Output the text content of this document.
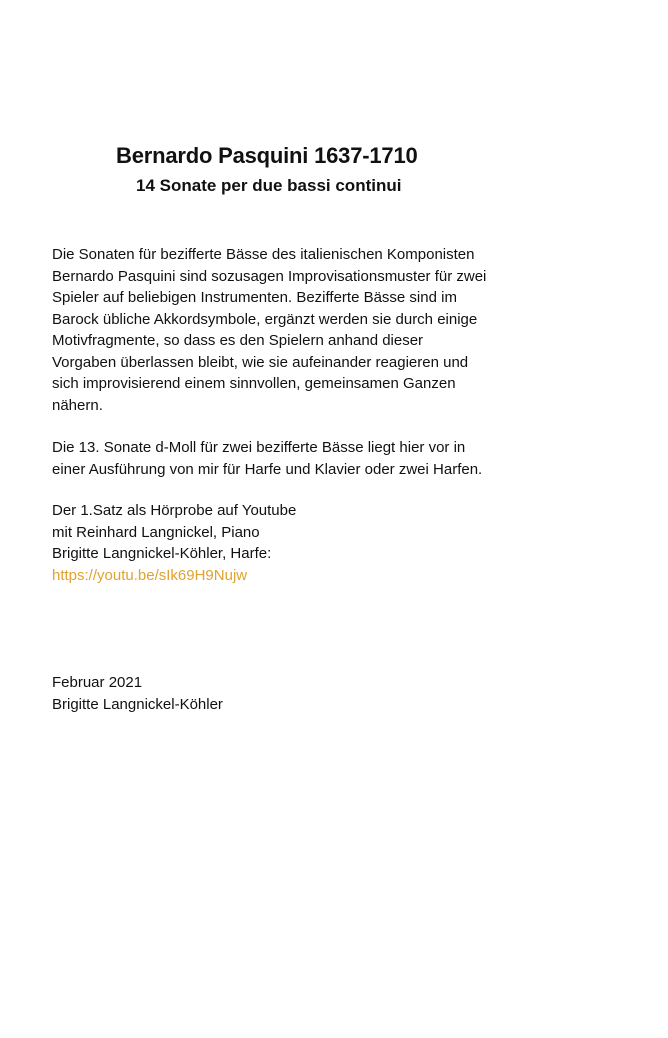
Bernardo Pasquini 1637-1710
14 Sonate per due bassi continui
Die Sonaten für bezifferte Bässe des italienischen Komponisten
Bernardo Pasquini sind sozusagen Improvisationsmuster für zwei
Spieler auf beliebigen Instrumenten. Bezifferte Bässe sind im
Barock übliche Akkordsymbole, ergänzt werden sie durch einige
Motivfragmente, so dass es den Spielern anhand dieser
Vorgaben überlassen bleibt, wie sie aufeinander reagieren und
sich improvisierend einem sinnvollen, gemeinsamen Ganzen
nähern.
Die 13. Sonate d-Moll für zwei bezifferte Bässe liegt hier vor in
einer Ausführung von mir für Harfe und Klavier oder zwei Harfen.
Der 1.Satz als Hörprobe auf Youtube
mit Reinhard Langnickel, Piano
Brigitte Langnickel-Köhler, Harfe:
https://youtu.be/sIk69H9Nujw
Februar 2021
Brigitte Langnickel-Köhler
